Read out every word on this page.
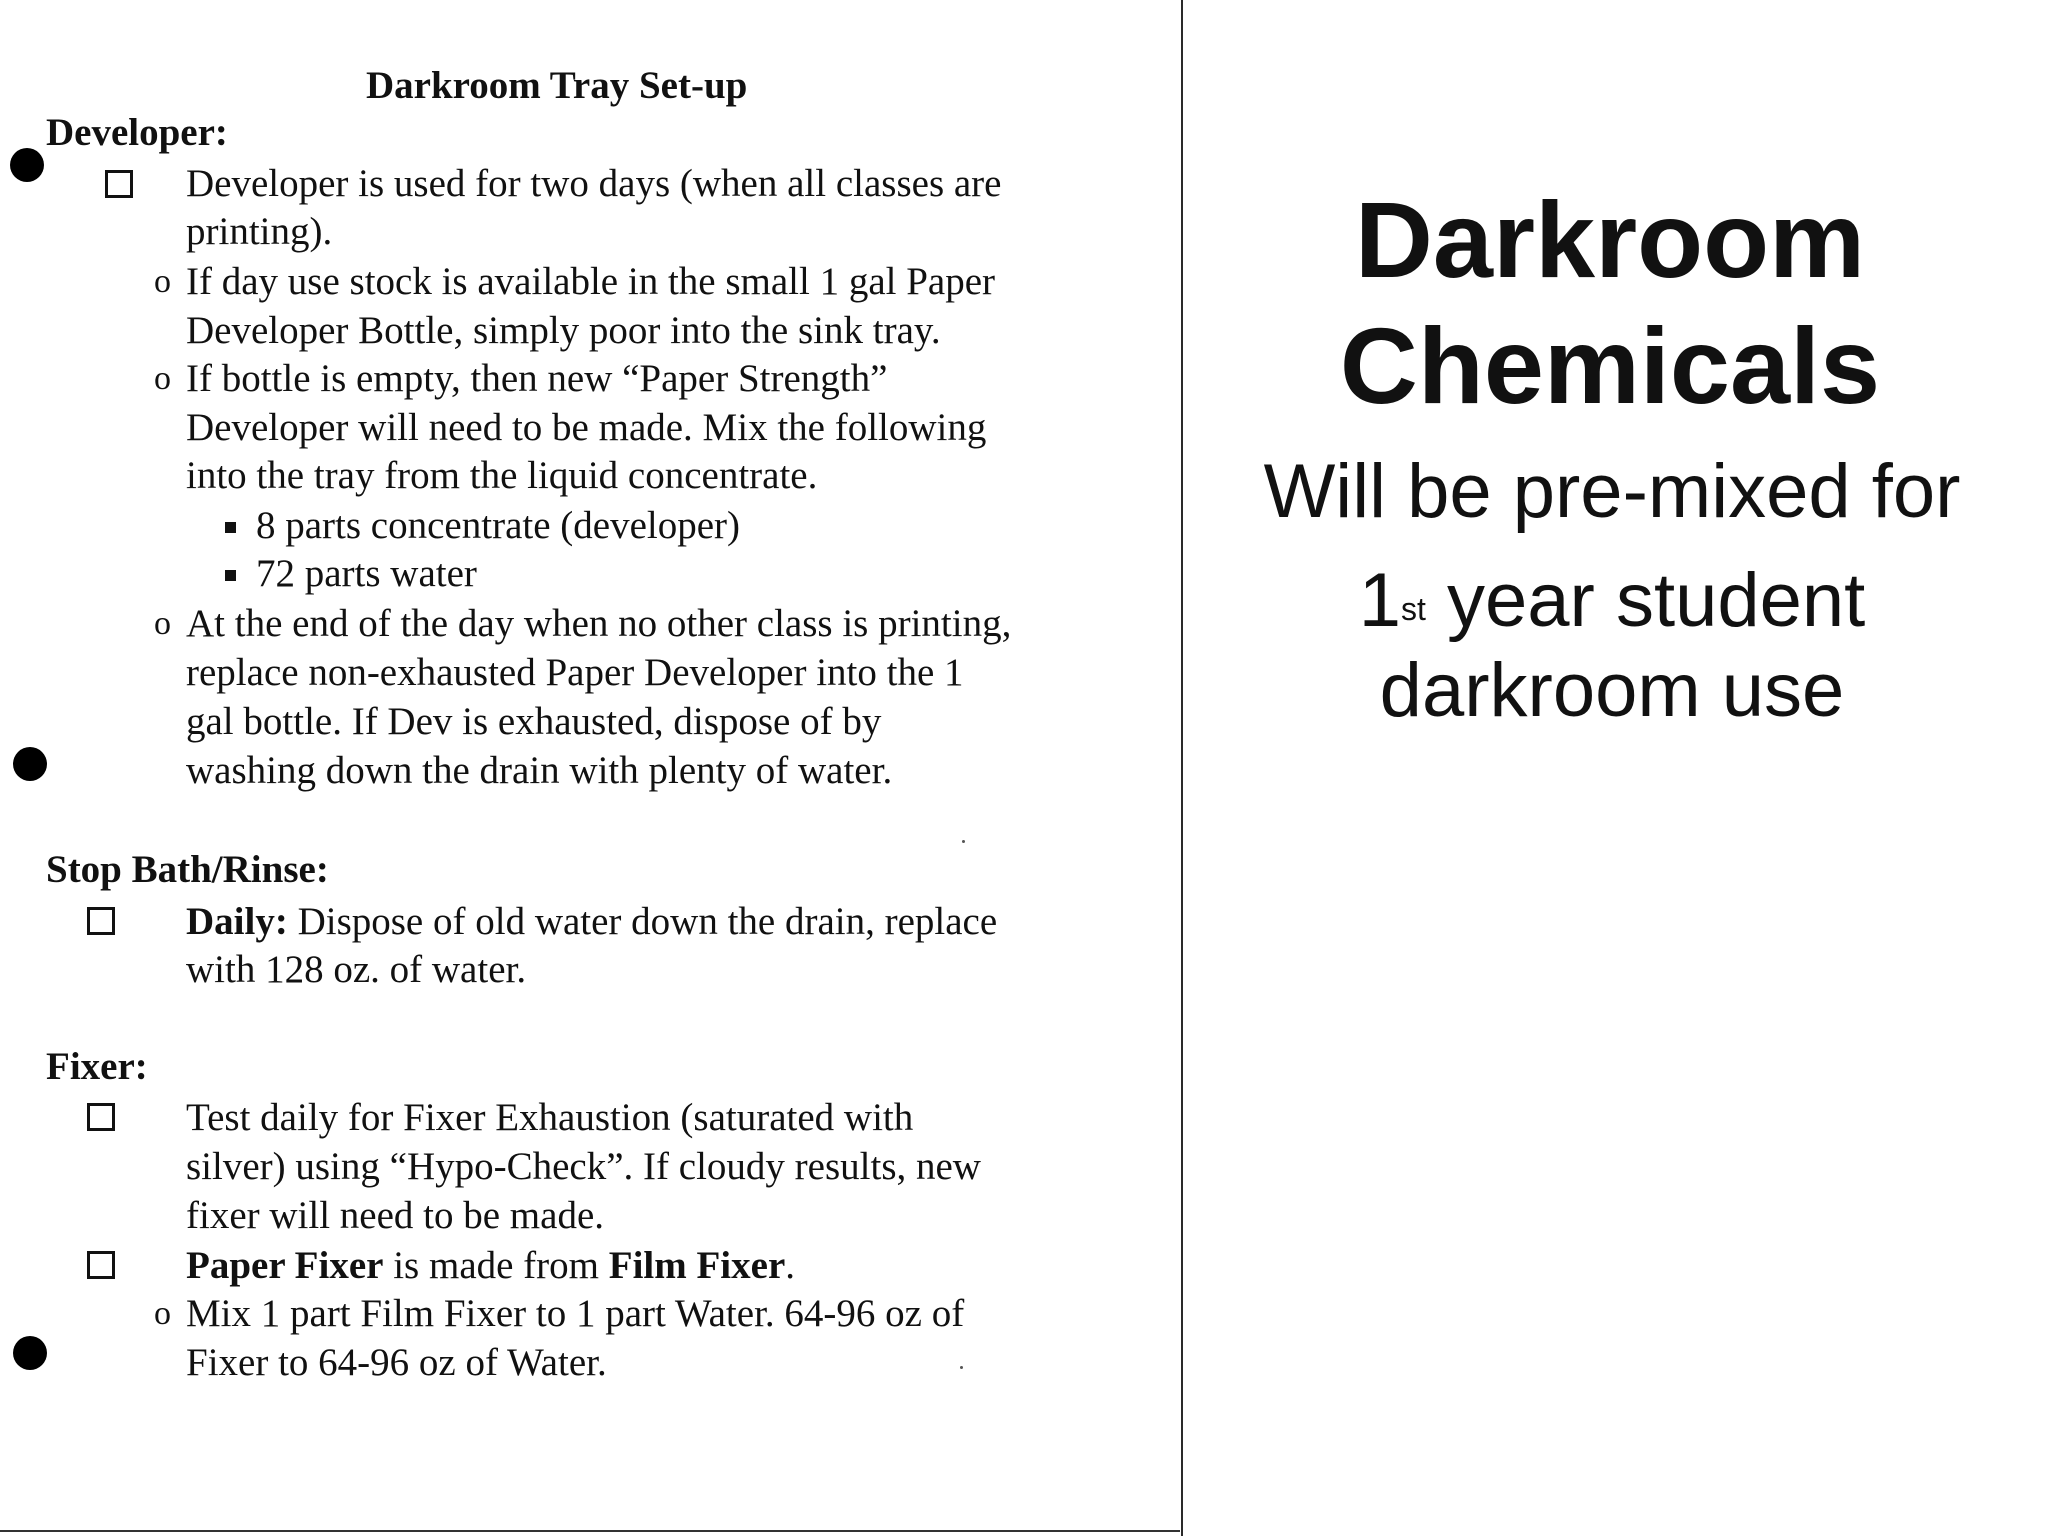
Darkroom Tray Set-up
Developer:
Developer is used for two days (when all classes are
printing).
o If day use stock is available in the small 1 gal Paper
Developer Bottle, simply poor into the sink tray.
o If bottle is empty, then new “Paper Strength”
Developer will need to be made. Mix the following
into the tray from the liquid concentrate.
8 parts concentrate (developer)
72 parts water
o At the end of the day when no other class is printing,
replace non-exhausted Paper Developer into the 1
gal bottle. If Dev is exhausted, dispose of by
washing down the drain with plenty of water.
Stop Bath/Rinse:
Daily: Dispose of old water down the drain, replace
with 128 oz. of water.
Fixer:
Test daily for Fixer Exhaustion (saturated with
silver) using “Hypo-Check”. If cloudy results, new
fixer will need to be made.
Paper Fixer is made from Film Fixer.
o Mix 1 part Film Fixer to 1 part Water. 64-96 oz of
Fixer to 64-96 oz of Water.
Darkroom
Chemicals
Will be pre-mixed for
1st year student
darkroom use
